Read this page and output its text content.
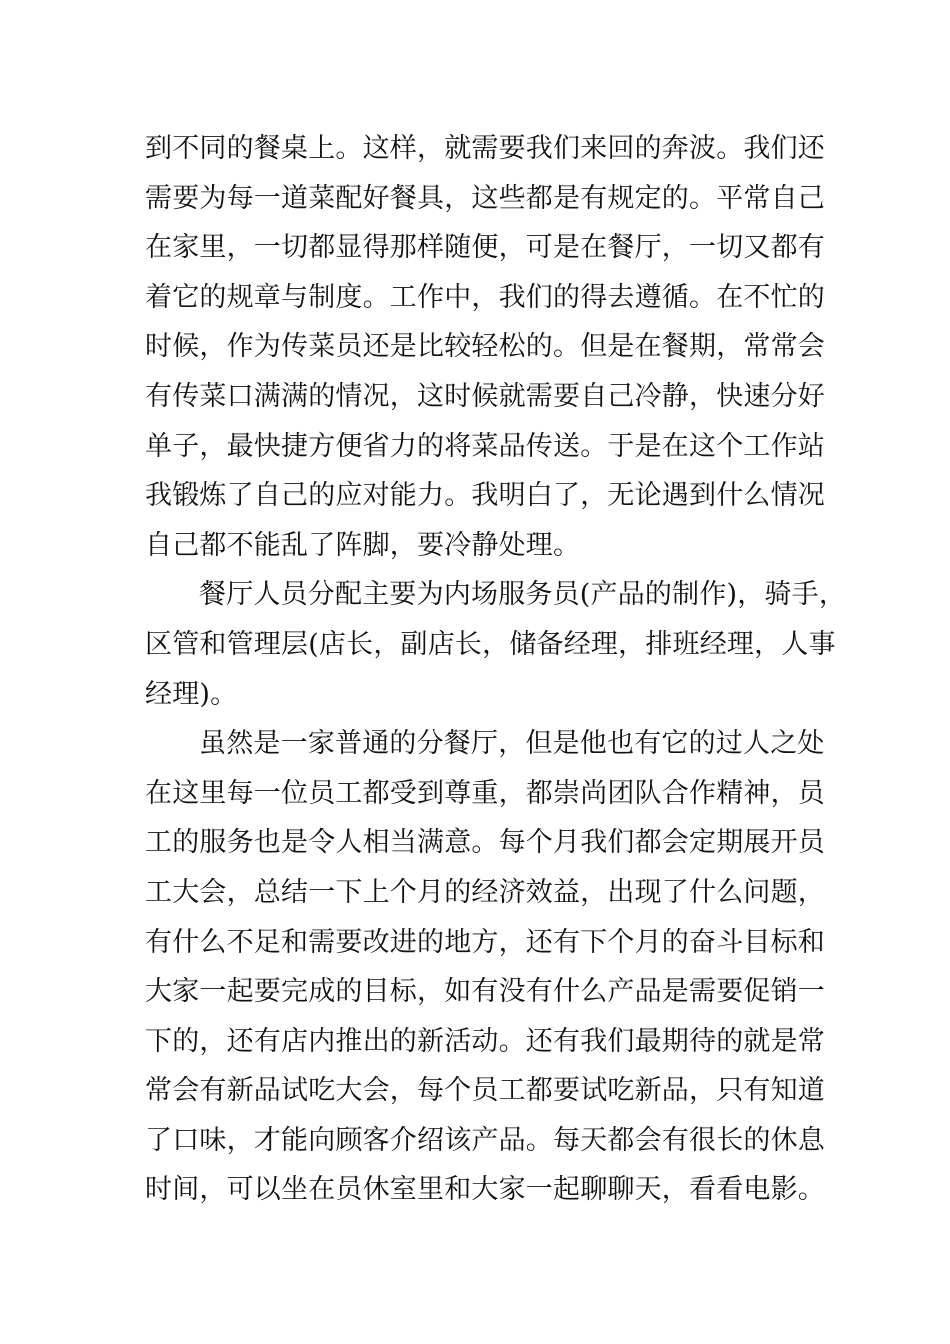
到不同的餐桌上。这样，就需要我们来回的奔波。我们还
需要为每一道菜配好餐具，这些都是有规定的。平常自己
在家里，一切都显得那样随便，可是在餐厅，一切又都有
着它的规章与制度。工作中，我们的得去遵循。在不忙的
时候，作为传菜员还是比较轻松的。但是在餐期，常常会
有传菜口满满的情况，这时候就需要自己冷静，快速分好
单子，最快捷方便省力的将菜品传送。于是在这个工作站
我锻炼了自己的应对能力。我明白了，无论遇到什么情况
自己都不能乱了阵脚，要冷静处理。
餐厅人员分配主要为内场服务员(产品的制作)，骑手，
区管和管理层(店长，副店长，储备经理，排班经理，人事
经理)。
虽然是一家普通的分餐厅，但是他也有它的过人之处
在这里每一位员工都受到尊重，都崇尚团队合作精神，员
工的服务也是令人相当满意。每个月我们都会定期展开员
工大会，总结一下上个月的经济效益，出现了什么问题，
有什么不足和需要改进的地方，还有下个月的奋斗目标和
大家一起要完成的目标，如有没有什么产品是需要促销一
下的，还有店内推出的新活动。还有我们最期待的就是常
常会有新品试吃大会，每个员工都要试吃新品，只有知道
了口味，才能向顾客介绍该产品。每天都会有很长的休息
时间，可以坐在员休室里和大家一起聊聊天，看看电影。
